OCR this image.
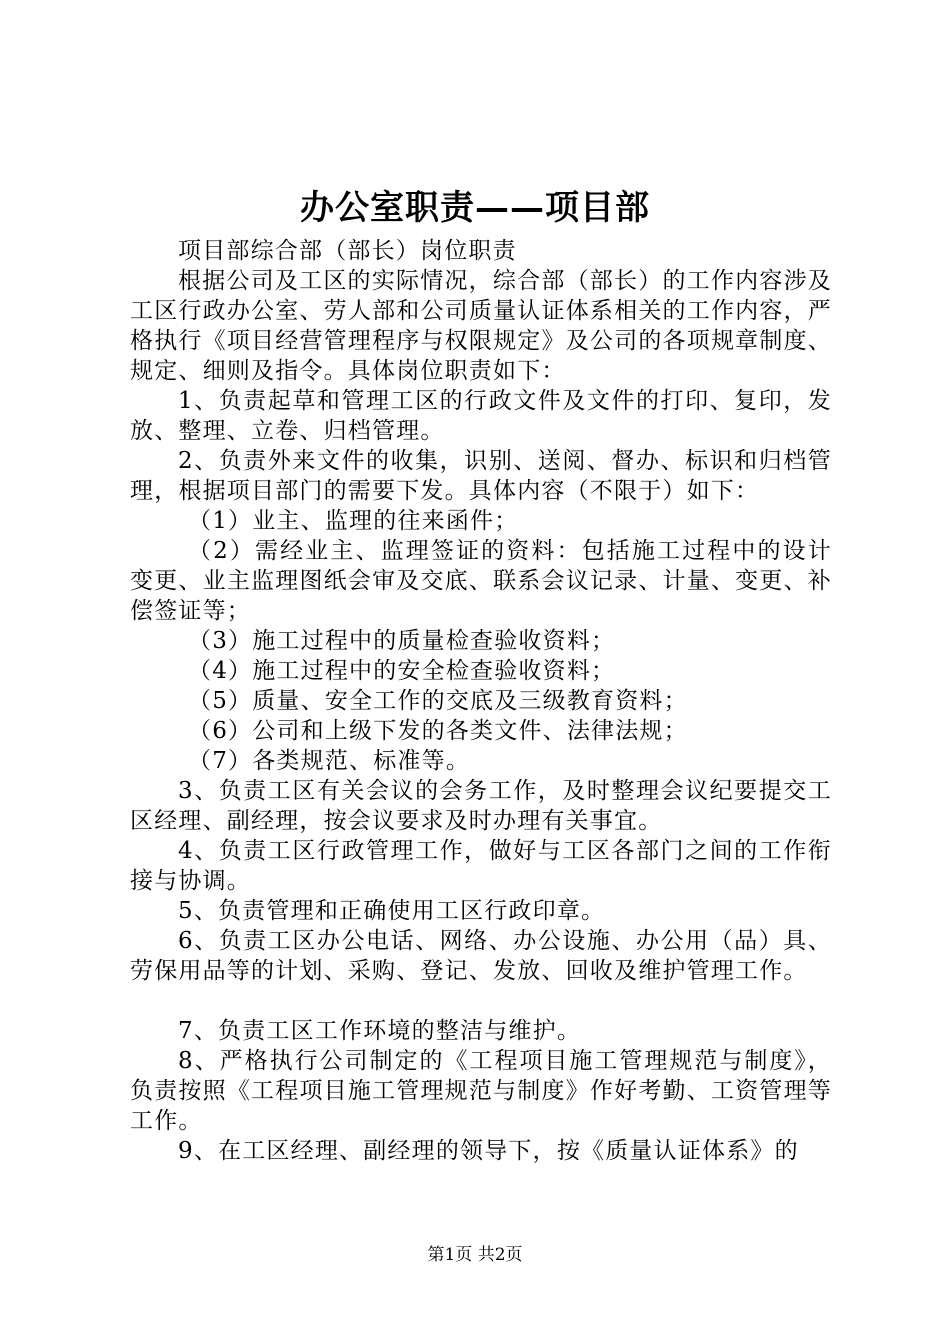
办公室职责——项目部

项目部综合部（部长）岗位职责

根据公司及工区的实际情况，综合部（部长）的工作内容涉及工区行政办公室、劳人部和公司质量认证体系相关的工作内容，严格执行《项目经营管理程序与权限规定》及公司的各项规章制度、规定、细则及指令。具体岗位职责如下：

1、负责起草和管理工区的行政文件及文件的打印、复印，发放、整理、立卷、归档管理。

2、负责外来文件的收集，识别、送阅、督办、标识和归档管理，根据项目部门的需要下发。具体内容（不限于）如下：

（1）业主、监理的往来函件；

（2）需经业主、监理签证的资料：包括施工过程中的设计变更、业主监理图纸会审及交底、联系会议记录、计量、变更、补偿签证等；

（3）施工过程中的质量检查验收资料；

（4）施工过程中的安全检查验收资料；

（5）质量、安全工作的交底及三级教育资料；

（6）公司和上级下发的各类文件、法律法规；

（7）各类规范、标准等。

3、负责工区有关会议的会务工作，及时整理会议纪要提交工区经理、副经理，按会议要求及时办理有关事宜。

4、负责工区行政管理工作，做好与工区各部门之间的工作衔接与协调。

5、负责管理和正确使用工区行政印章。

6、负责工区办公电话、网络、办公设施、办公用（品）具、劳保用品等的计划、采购、登记、发放、回收及维护管理工作。

7、负责工区工作环境的整洁与维护。

8、严格执行公司制定的《工程项目施工管理规范与制度》，负责按照《工程项目施工管理规范与制度》作好考勤、工资管理等工作。

9、在工区经理、副经理的领导下，按《质量认证体系》的

第1页 共2页
